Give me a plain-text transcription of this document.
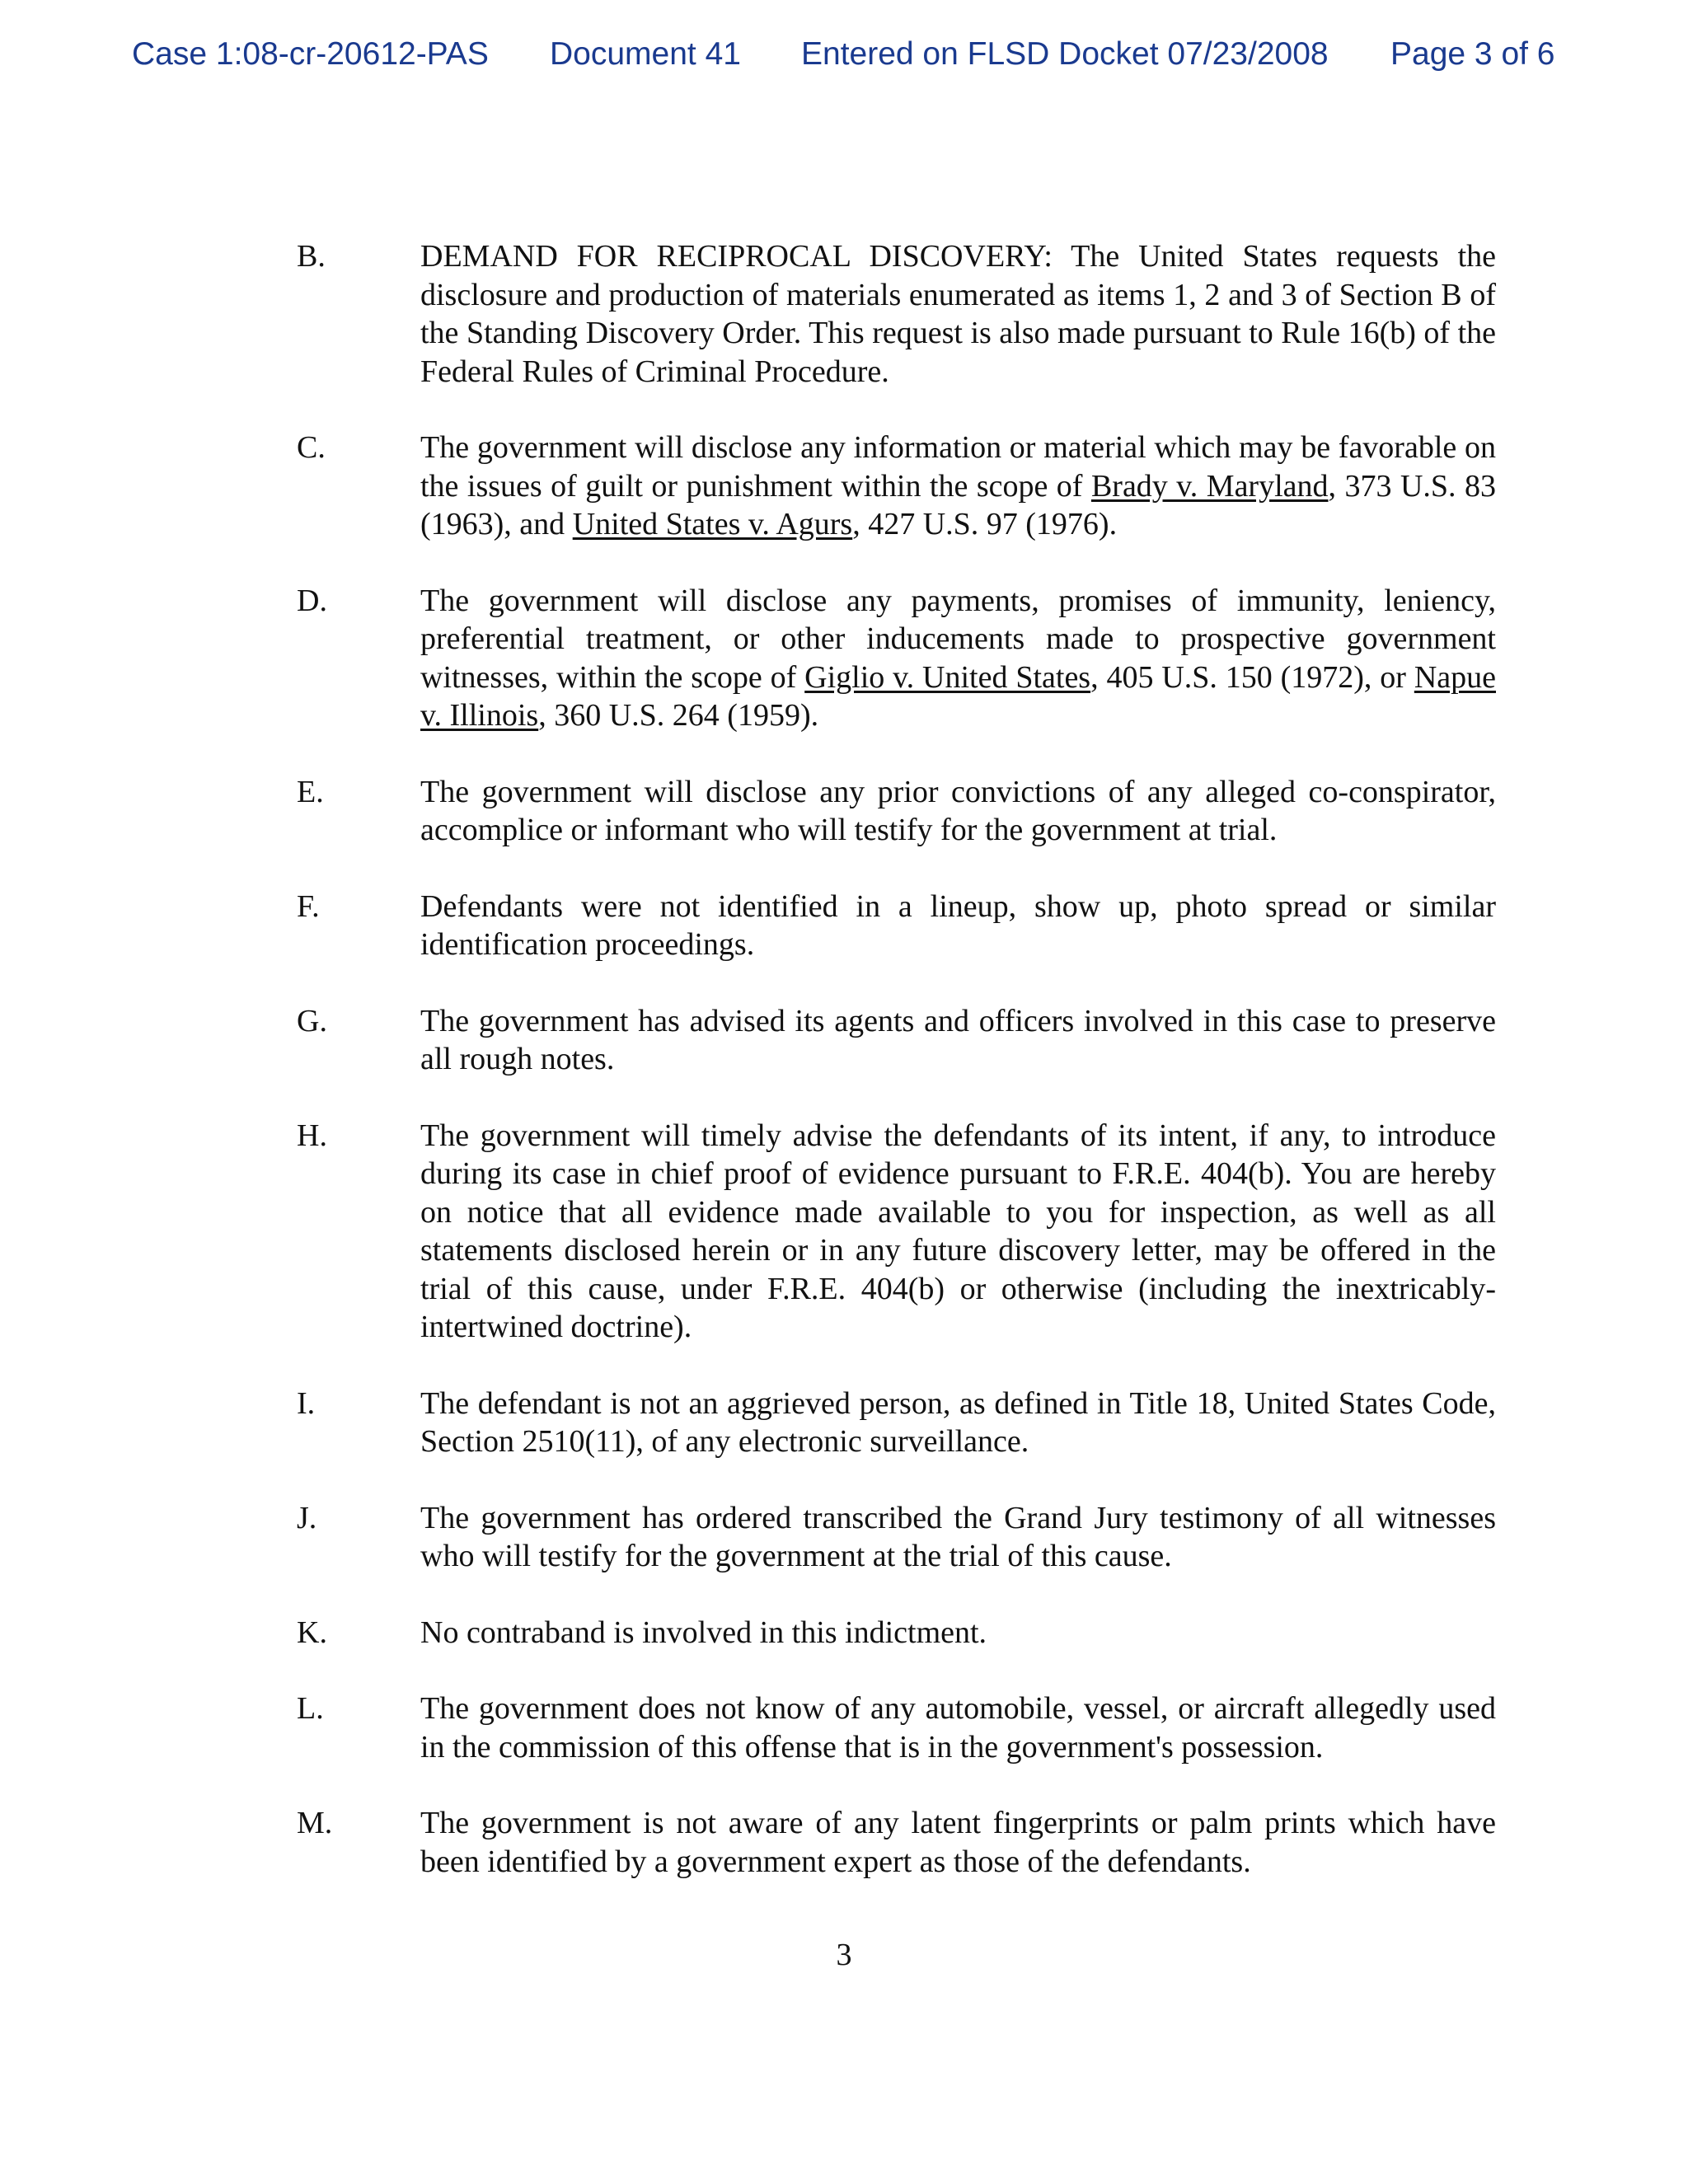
Case 1:08-cr-20612-PAS Document 41 Entered on FLSD Docket 07/23/2008 Page 3 of 6
B.	DEMAND FOR RECIPROCAL DISCOVERY: The United States requests the disclosure and production of materials enumerated as items 1, 2 and 3 of Section B of the Standing Discovery Order. This request is also made pursuant to Rule 16(b) of the Federal Rules of Criminal Procedure.
C.	The government will disclose any information or material which may be favorable on the issues of guilt or punishment within the scope of Brady v. Maryland, 373 U.S. 83 (1963), and United States v. Agurs, 427 U.S. 97 (1976).
D.	The government will disclose any payments, promises of immunity, leniency, preferential treatment, or other inducements made to prospective government witnesses, within the scope of Giglio v. United States, 405 U.S. 150 (1972), or Napue v. Illinois, 360 U.S. 264 (1959).
E.	The government will disclose any prior convictions of any alleged co-conspirator, accomplice or informant who will testify for the government at trial.
F.	Defendants were not identified in a lineup, show up, photo spread or similar identification proceedings.
G.	The government has advised its agents and officers involved in this case to preserve all rough notes.
H.	The government will timely advise the defendants of its intent, if any, to introduce during its case in chief proof of evidence pursuant to F.R.E. 404(b). You are hereby on notice that all evidence made available to you for inspection, as well as all statements disclosed herein or in any future discovery letter, may be offered in the trial of this cause, under F.R.E. 404(b) or otherwise (including the inextricably-intertwined doctrine).
I.	The defendant is not an aggrieved person, as defined in Title 18, United States Code, Section 2510(11), of any electronic surveillance.
J.	The government has ordered transcribed the Grand Jury testimony of all witnesses who will testify for the government at the trial of this cause.
K.	No contraband is involved in this indictment.
L.	The government does not know of any automobile, vessel, or aircraft allegedly used in the commission of this offense that is in the government's possession.
M.	The government is not aware of any latent fingerprints or palm prints which have been identified by a government expert as those of the defendants.
3
